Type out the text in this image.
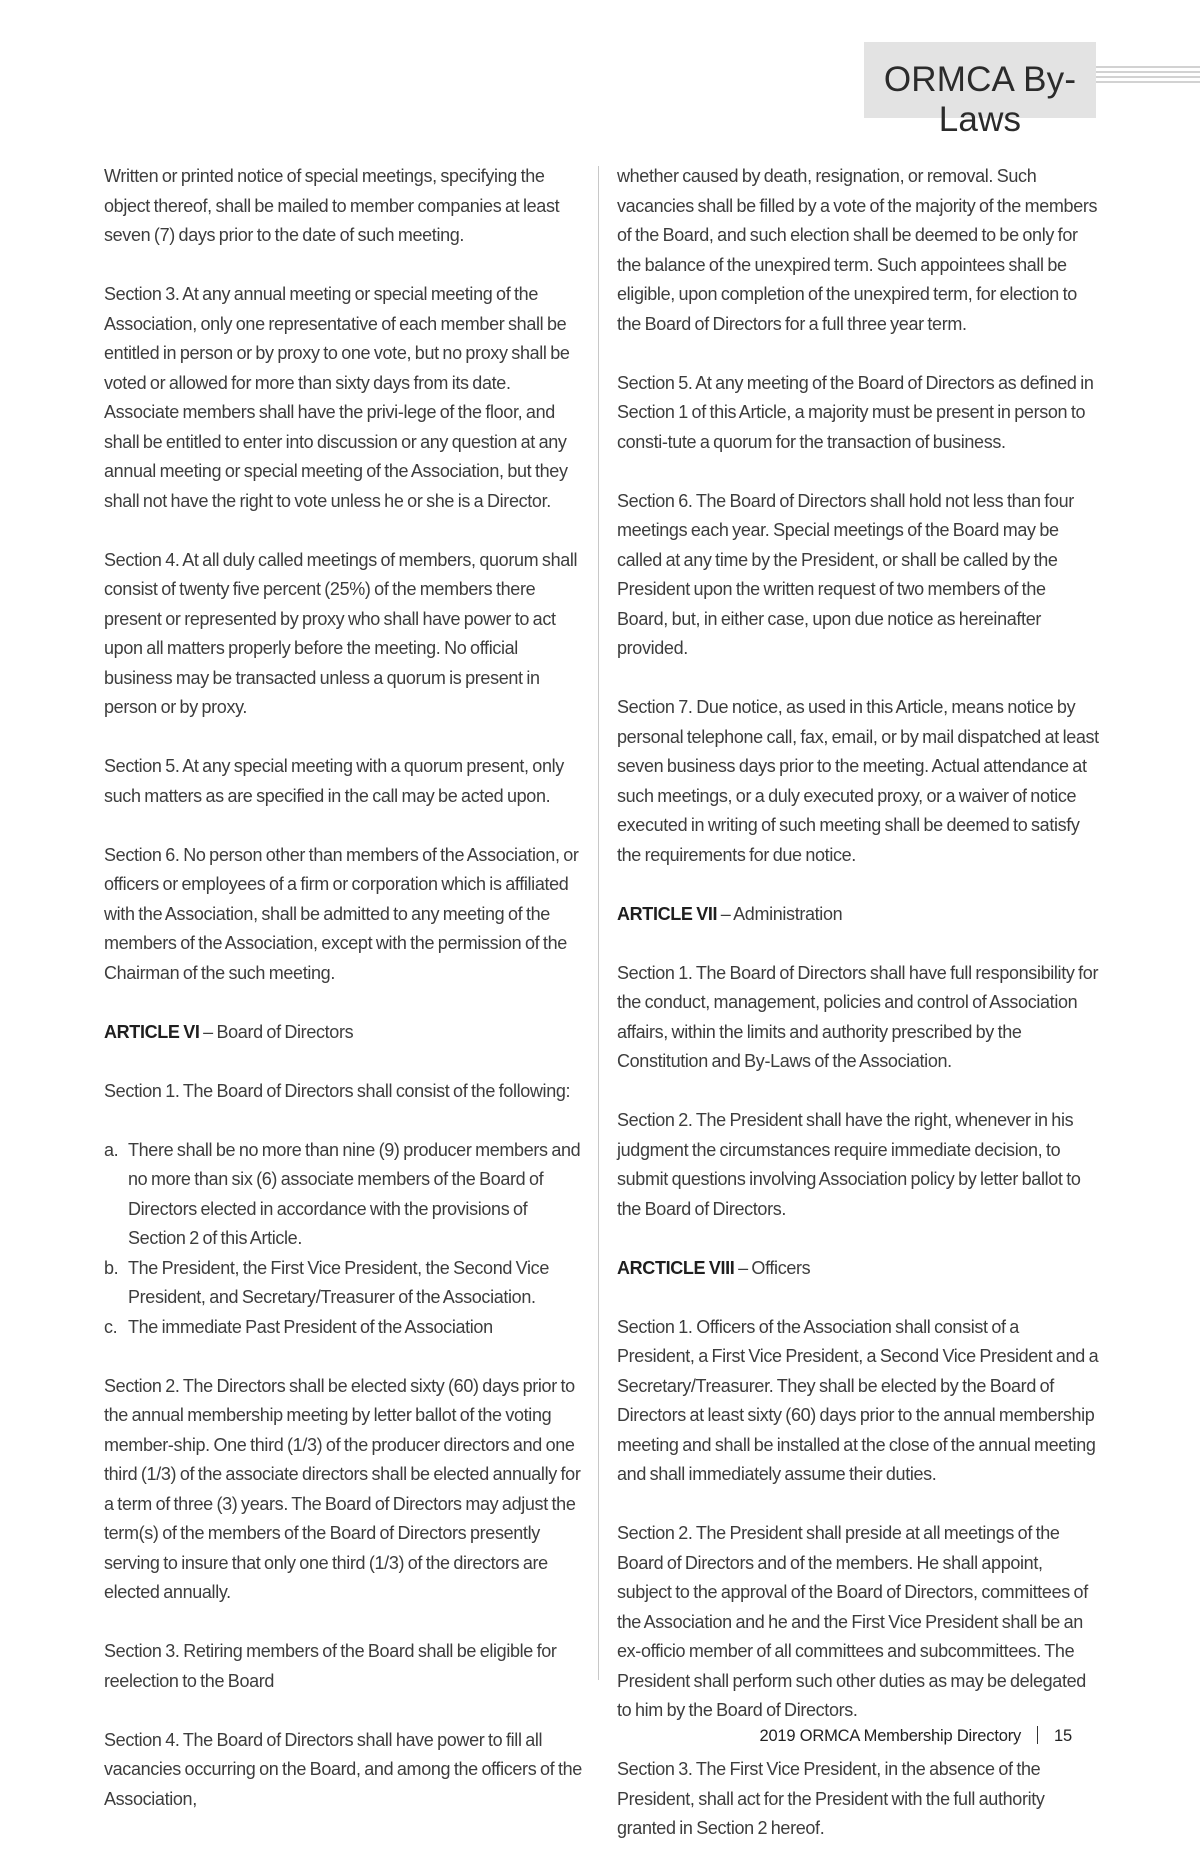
ORMCA By-Laws

Written or printed notice of special meetings, specifying the object thereof, shall be mailed to member companies at least seven (7) days prior to the date of such meeting.

Section 3. At any annual meeting or special meeting of the Association, only one representative of each member shall be entitled in person or by proxy to one vote, but no proxy shall be voted or allowed for more than sixty days from its date. Associate members shall have the privi-lege of the floor, and shall be entitled to enter into discussion or any question at any annual meeting or special meeting of the Association, but they shall not have the right to vote unless he or she is a Director.

Section 4. At all duly called meetings of members, quorum shall consist of twenty five percent (25%) of the members there present or represented by proxy who shall have power to act upon all matters properly before the meeting. No official business may be transacted unless a quorum is present in person or by proxy.

Section 5. At any special meeting with a quorum present, only such matters as are specified in the call may be acted upon.

Section 6. No person other than members of the Association, or officers or employees of a firm or corporation which is affiliated with the Association, shall be admitted to any meeting of the members of the Association, except with the permission of the Chairman of the such meeting.

ARTICLE VI – Board of Directors

Section 1. The Board of Directors shall consist of the following:

a. There shall be no more than nine (9) producer members and no more than six (6) associate members of the Board of Directors elected in accordance with the provisions of Section 2 of this Article.
b. The President, the First Vice President, the Second Vice President, and Secretary/Treasurer of the Association.
c. The immediate Past President of the Association

Section 2. The Directors shall be elected sixty (60) days prior to the annual membership meeting by letter ballot of the voting member-ship. One third (1/3) of the producer directors and one third (1/3) of the associate directors shall be elected annually for a term of three (3) years. The Board of Directors may adjust the term(s) of the members of the Board of Directors presently serving to insure that only one third (1/3) of the directors are elected annually.

Section 3. Retiring members of the Board shall be eligible for reelection to the Board

Section 4. The Board of Directors shall have power to fill all vacancies occurring on the Board, and among the officers of the Association,

whether caused by death, resignation, or removal. Such vacancies shall be filled by a vote of the majority of the members of the Board, and such election shall be deemed to be only for the balance of the unexpired term. Such appointees shall be eligible, upon completion of the unexpired term, for election to the Board of Directors for a full three year term.

Section 5. At any meeting of the Board of Directors as defined in Section 1 of this Article, a majority must be present in person to consti-tute a quorum for the transaction of business.

Section 6. The Board of Directors shall hold not less than four meetings each year. Special meetings of the Board may be called at any time by the President, or shall be called by the President upon the written request of two members of the Board, but, in either case, upon due notice as hereinafter provided.

Section 7. Due notice, as used in this Article, means notice by personal telephone call, fax, email, or by mail dispatched at least seven business days prior to the meeting. Actual attendance at such meetings, or a duly executed proxy, or a waiver of notice executed in writing of such meeting shall be deemed to satisfy the requirements for due notice.

ARTICLE VII – Administration

Section 1. The Board of Directors shall have full responsibility for the conduct, management, policies and control of Association affairs, within the limits and authority prescribed by the Constitution and By-Laws of the Association.

Section 2. The President shall have the right, whenever in his judgment the circumstances require immediate decision, to submit questions involving Association policy by letter ballot to the Board of Directors.

ARCTICLE VIII – Officers

Section 1. Officers of the Association shall consist of a President, a First Vice President, a Second Vice President and a Secretary/Treasurer. They shall be elected by the Board of Directors at least sixty (60) days prior to the annual membership meeting and shall be installed at the close of the annual meeting and shall immediately assume their duties.

Section 2. The President shall preside at all meetings of the Board of Directors and of the members. He shall appoint, subject to the approval of the Board of Directors, committees of the Association and he and the First Vice President shall be an ex-officio member of all committees and subcommittees. The President shall perform such other duties as may be delegated to him by the Board of Directors.

Section 3. The First Vice President, in the absence of the President, shall act for the President with the full authority granted in Section 2 hereof.

2019 ORMCA Membership Directory 15
